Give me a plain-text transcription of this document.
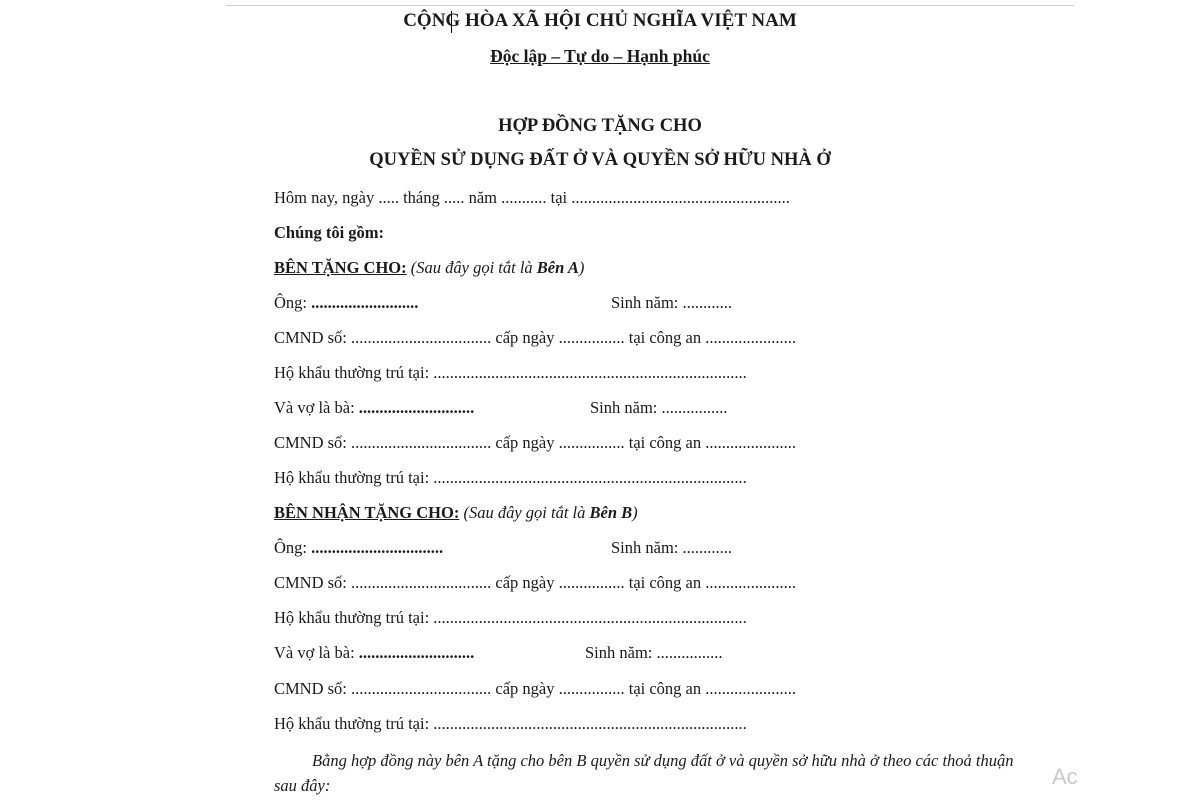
CỘNG HÒA XÃ HỘI CHỦ NGHĨA VIỆT NAM
Độc lập – Tự do – Hạnh phúc
HỢP ĐỒNG TẶNG CHO
QUYỀN SỬ DỤNG ĐẤT Ở VÀ QUYỀN SỞ HỮU NHÀ Ở
Hôm nay, ngày ..... tháng ..... năm ........... tại .....................................................
Chúng tôi gồm:
BÊN TẶNG CHO: (Sau đây gọi tắt là Bên A)
Ông: ..........................	Sinh năm: ............
CMND số: .................................. cấp ngày ................ tại công an ......................
Hộ khẩu thường trú tại: ............................................................................
Và vợ là bà: ............................	Sinh năm: ................
CMND số: .................................. cấp ngày ................ tại công an ......................
Hộ khẩu thường trú tại: ............................................................................
BÊN NHẬN TẶNG CHO: (Sau đây gọi tắt là Bên B)
Ông: ................................	Sinh năm: ............
CMND số: .................................. cấp ngày ................ tại công an ......................
Hộ khẩu thường trú tại: ............................................................................
Và vợ là bà: ............................	Sinh năm: ................
CMND số: .................................. cấp ngày ................ tại công an ......................
Hộ khẩu thường trú tại: ............................................................................
Bằng hợp đồng này bên A tặng cho bên B quyền sử dụng đất ở và quyền sở hữu nhà ở theo các thoả thuận sau đây:	Ac
